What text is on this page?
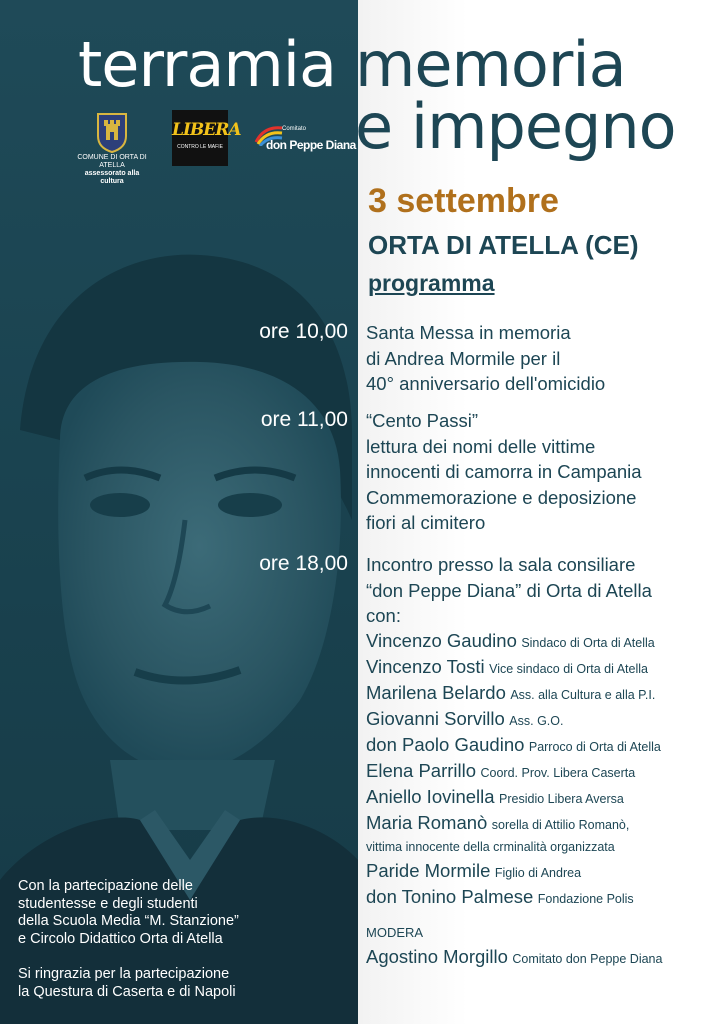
terramia memoria
e impegno
COMUNE DI ORTA DI ATELLA
assessorato alla cultura
LIBERA
CONTRO LE MAFIE
Comitato
don Peppe Diana
3 settembre
ORTA DI ATELLA (CE)
programma
ore 10,00 Santa Messa in memoria
di Andrea Mormile per il
40° anniversario dell'omicidio
ore 11,00 “Cento Passi”
lettura dei nomi delle vittime
innocenti di camorra in Campania
Commemorazione e deposizione
fiori al cimitero
ore 18,00 Incontro presso la sala consiliare
“don Peppe Diana” di Orta di Atella
con:
Vincenzo Gaudino Sindaco di Orta di Atella
Vincenzo Tosti Vice sindaco di Orta di Atella
Marilena Belardo Ass. alla Cultura e alla P.I.
Giovanni Sorvillo Ass. G.O.
don Paolo Gaudino Parroco di Orta di Atella
Elena Parrillo Coord. Prov. Libera Caserta
Aniello Iovinella Presidio Libera Aversa
Maria Romanò sorella di Attilio Romanò,
vittima innocente della crminalità organizzata
Paride Mormile Figlio di Andrea
don Tonino Palmese Fondazione Polis
MODERA
Agostino Morgillo Comitato don Peppe Diana
Con la partecipazione delle
studentesse e degli studenti
della Scuola Media “M. Stanzione”
e Circolo Didattico Orta di Atella
Si ringrazia per la partecipazione
la Questura di Caserta e di Napoli
